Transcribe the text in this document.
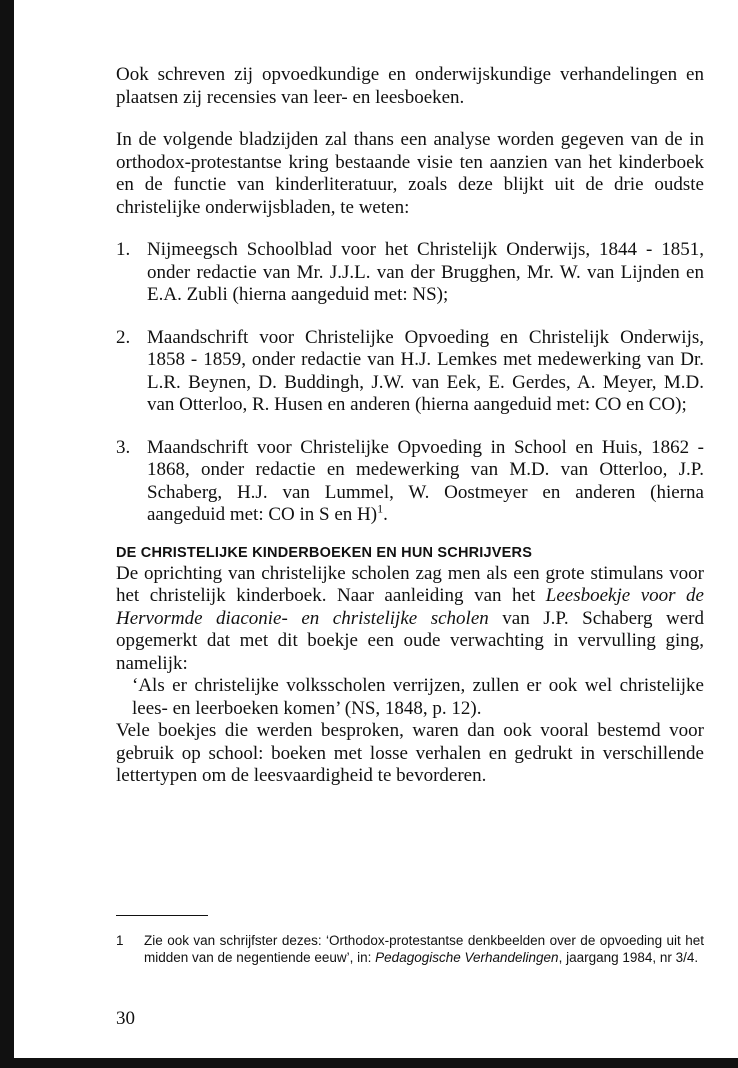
Ook schreven zij opvoedkundige en onderwijskundige verhandelingen en plaatsen zij recensies van leer- en leesboeken.

In de volgende bladzijden zal thans een analyse worden gegeven van de in orthodox-protestantse kring bestaande visie ten aanzien van het kinderboek en de functie van kinderliteratuur, zoals deze blijkt uit de drie oudste christelijke onderwijsbladen, te weten:

1. Nijmeegsch Schoolblad voor het Christelijk Onderwijs, 1844 - 1851, onder redactie van Mr. J.J.L. van der Brugghen, Mr. W. van Lijnden en E.A. Zubli (hierna aangeduid met: NS);
2. Maandschrift voor Christelijke Opvoeding en Christelijk Onderwijs, 1858 - 1859, onder redactie van H.J. Lemkes met medewerking van Dr. L.R. Beynen, D. Buddingh, J.W. van Eek, E. Gerdes, A. Meyer, M.D. van Otterloo, R. Husen en anderen (hierna aangeduid met: CO en CO);
3. Maandschrift voor Christelijke Opvoeding in School en Huis, 1862 - 1868, onder redactie en medewerking van M.D. van Otterloo, J.P. Schaberg, H.J. van Lummel, W. Oostmeyer en anderen (hierna aangeduid met: CO in S en H)$^1$.

DE CHRISTELIJKE KINDERBOEKEN EN HUN SCHRIJVERS

De oprichting van christelijke scholen zag men als een grote stimulans voor het christelijk kinderboek. Naar aanleiding van het Leesboekje voor de Hervormde diaconie- en christelijke scholen van J.P. Schaberg werd opgemerkt dat met dit boekje een oude verwachting in vervulling ging, namelijk:

‘Als er christelijke volksscholen verrijzen, zullen er ook wel christelijke lees- en leerboeken komen’ (NS, 1848, p. 12).

Vele boekjes die werden besproken, waren dan ook vooral bestemd voor gebruik op school: boeken met losse verhalen en gedrukt in verschillende lettertypen om de leesvaardigheid te bevorderen.

1	Zie ook van schrijfster dezes: ‘Orthodox-protestantse denkbeelden over de opvoeding uit het midden van de negentiende eeuw’, in: Pedagogische Verhandelingen, jaargang 1984, nr 3/4.
30
